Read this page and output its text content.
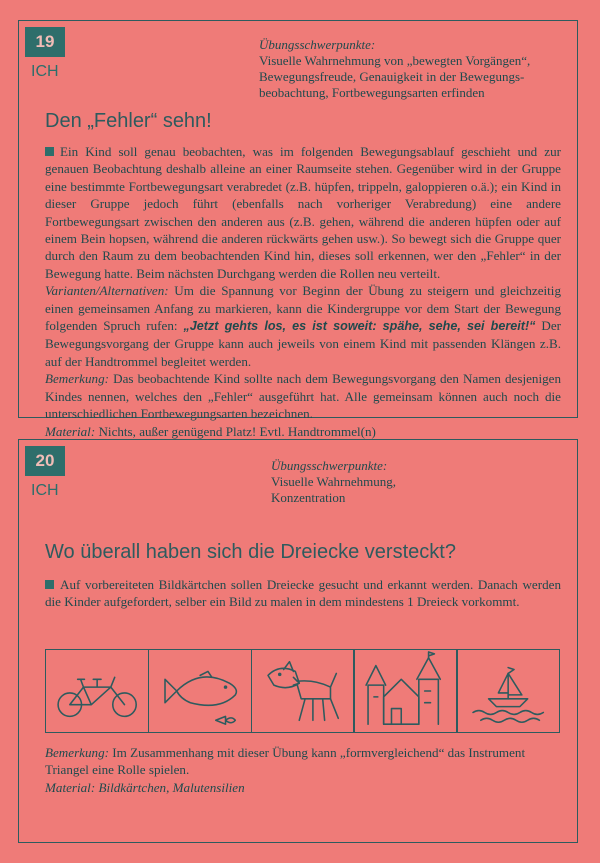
19
ICH
Übungsschwerpunkte:
Visuelle Wahrnehmung von „bewegten Vorgängen“,
Bewegungsfreude, Genauigkeit in der Bewegungs-
beobachtung, Fortbewegungsarten erfinden
Den „Fehler“ sehn!

Ein Kind soll genau beobachten, was im folgenden Bewegungsablauf geschieht und zur genauen Beobachtung deshalb alleine an einer Raumseite stehen. Gegenüber wird in der Gruppe eine bestimmte Fortbewegungsart verabredet (z.B. hüpfen, trippeln, galoppieren o.ä.); ein Kind in dieser Gruppe jedoch führt (ebenfalls nach vorheriger Verabredung) eine andere Fortbewegungsart zwischen den anderen aus (z.B. gehen, während die anderen hüpfen oder auf einem Bein hopsen, während die anderen rückwärts gehen usw.). So bewegt sich die Gruppe quer durch den Raum zu dem beobachtenden Kind hin, dieses soll erkennen, wer den „Fehler“ in der Bewegung hatte. Beim nächsten Durchgang werden die Rollen neu verteilt.

Varianten/Alternativen: Um die Spannung vor Beginn der Übung zu steigern und gleichzeitig einen gemeinsamen Anfang zu markieren, kann die Kindergruppe vor dem Start der Bewegung folgenden Spruch rufen: „Jetzt gehts los, es ist soweit: spähe, sehe, sei bereit!“ Der Bewegungsvorgang der Gruppe kann auch jeweils von einem Kind mit passenden Klängen z.B. auf der Handtrommel begleitet werden.

Bemerkung: Das beobachtende Kind sollte nach dem Bewegungsvorgang den Namen desjenigen Kindes nennen, welches den „Fehler“ ausgeführt hat. Alle gemeinsam können auch noch die unterschiedlichen Fortbewegungsarten bezeichnen.

Material: Nichts, außer genügend Platz! Evtl. Handtrommel(n)

20
ICH
Übungsschwerpunkte:
Visuelle Wahrnehmung,
Konzentration
Wo überall haben sich die Dreiecke versteckt?

Auf vorbereiteten Bildkärtchen sollen Dreiecke gesucht und erkannt werden. Danach werden die Kinder aufgefordert, selber ein Bild zu malen in dem mindestens 1 Dreieck vorkommt.

Bemerkung: Im Zusammenhang mit dieser Übung kann „formvergleichend“ das Instrument Triangel eine Rolle spielen.

Material: Bildkärtchen, Malutensilien
